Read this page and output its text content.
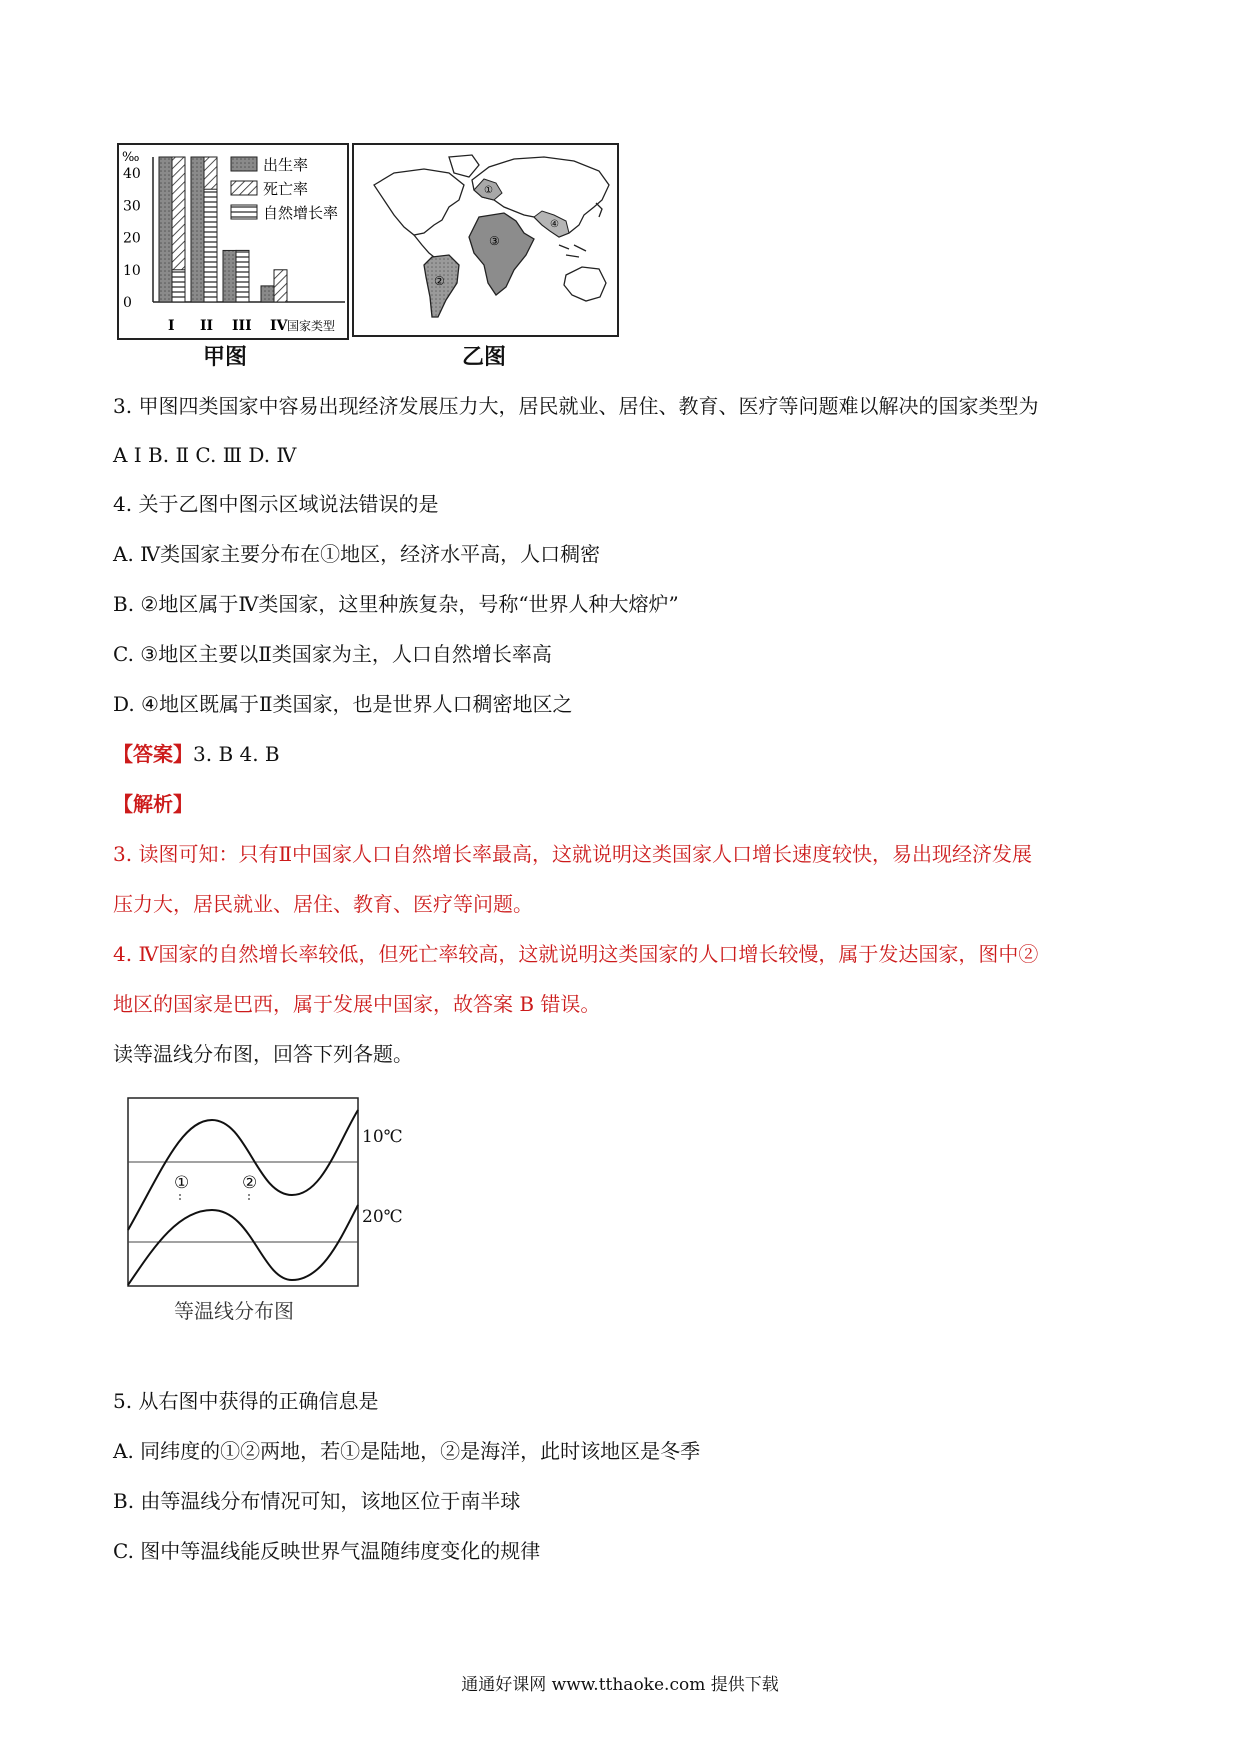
‰
0
10
20
30
40
I II III IV 国家类型
出生率
死亡率
自然增长率
甲图
①
②
③
④
乙图
3. 甲图四类国家中容易出现经济发展压力大，居民就业、居住、教育、医疗等问题难以解决的国家类型为
A Ⅰ B. Ⅱ C. Ⅲ D. Ⅳ
4. 关于乙图中图示区域说法错误的是
A. Ⅳ类国家主要分布在①地区，经济水平高，人口稠密
B. ②地区属于Ⅳ类国家，这里种族复杂，号称“世界人种大熔炉”
C. ③地区主要以Ⅱ类国家为主，人口自然增长率高
D. ④地区既属于Ⅱ类国家，也是世界人口稠密地区之
【答案】3. B 4. B
【解析】
3. 读图可知：只有Ⅱ中国家人口自然增长率最高，这就说明这类国家人口增长速度较快，易出现经济发展
压力大，居民就业、居住、教育、医疗等问题。
4. Ⅳ国家的自然增长率较低，但死亡率较高，这就说明这类国家的人口增长较慢，属于发达国家，图中②
地区的国家是巴西，属于发展中国家，故答案 B 错误。
读等温线分布图，回答下列各题。
10℃
20℃
①	②
等温线分布图
5. 从右图中获得的正确信息是
A. 同纬度的①②两地，若①是陆地，②是海洋，此时该地区是冬季
B. 由等温线分布情况可知，该地区位于南半球
C. 图中等温线能反映世界气温随纬度变化的规律
通通好课网 www.tthaoke.com 提供下载
